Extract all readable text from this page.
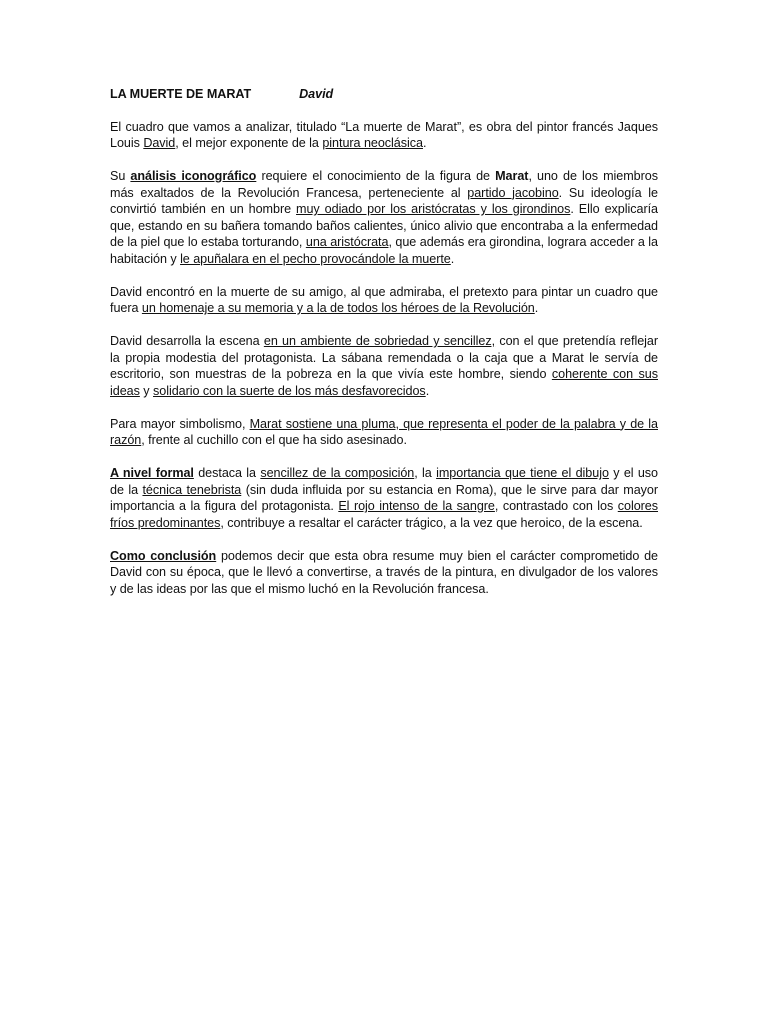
LA MUERTE DE MARAT	David

El cuadro que vamos a analizar, titulado “La muerte de Marat”, es obra del pintor francés Jaques Louis David, el mejor exponente de la pintura neoclásica.

Su análisis iconográfico requiere el conocimiento de la figura de Marat, uno de los miembros más exaltados de la Revolución Francesa, perteneciente al partido jacobino. Su ideología le convirtió también en un hombre muy odiado por los aristócratas y los girondinos. Ello explicaría que, estando en su bañera tomando baños calientes, único alivio que encontraba a la enfermedad de la piel que lo estaba torturando, una aristócrata, que además era girondina, lograra acceder a la habitación y le apuñalara en el pecho provocándole la muerte.

David encontró en la muerte de su amigo, al que admiraba, el pretexto para pintar un cuadro que fuera un homenaje a su memoria y a la de todos los héroes de la Revolución.

David desarrolla la escena en un ambiente de sobriedad y sencillez, con el que pretendía reflejar la propia modestia del protagonista. La sábana remendada o la caja que a Marat le servía de escritorio, son muestras de la pobreza en la que vivía este hombre, siendo coherente con sus ideas y solidario con la suerte de los más desfavorecidos.

Para mayor simbolismo, Marat sostiene una pluma, que representa el poder de la palabra y de la razón, frente al cuchillo con el que ha sido asesinado.

A nivel formal destaca la sencillez de la composición, la importancia que tiene el dibujo y el uso de la técnica tenebrista (sin duda influida por su estancia en Roma), que le sirve para dar mayor importancia a la figura del protagonista. El rojo intenso de la sangre, contrastado con los colores fríos predominantes, contribuye a resaltar el carácter trágico, a la vez que heroico, de la escena.

Como conclusión podemos decir que esta obra resume muy bien el carácter comprometido de David con su época, que le llevó a convertirse, a través de la pintura, en divulgador de los valores y de las ideas por las que el mismo luchó en la Revolución francesa.
